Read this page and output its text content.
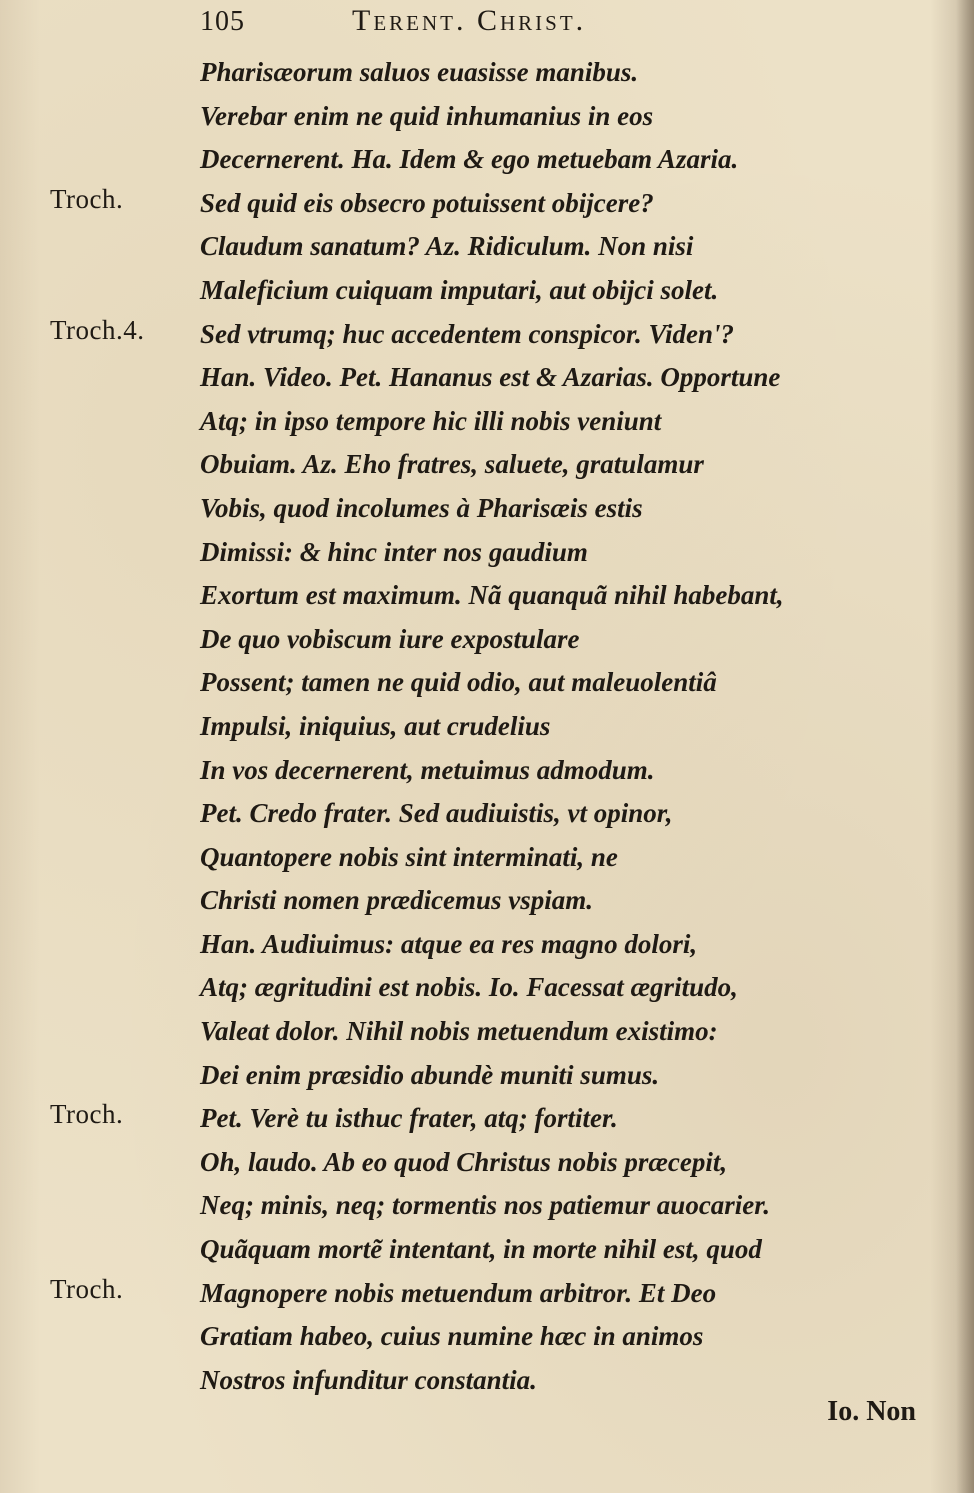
105	Terent. Christ.
Pharisæorum saluos euasisse manibus.
Verebar enim ne quid inhumanius in eos
Decernerent. Ha. Idem & ego metuebam Azaria.
Sed quid eis obsecro potuissent obijcere?
Claudum sanatum? Az. Ridiculum. Non nisi
Maleficium cuiquam imputari, aut obijci solet.
Sed vtrumq; huc accedentem conspicor. Viden'?
Han. Video. Pet. Hananus est & Azarias. Opportune
Atq; in ipso tempore hic illi nobis veniunt
Obuiam. Az. Eho fratres, saluete, gratulamur
Vobis, quod incolumes à Pharisæis estis
Dimissi: & hinc inter nos gaudium
Exortum est maximum. Nã quanquã nihil habebant,
De quo vobiscum iure expostulare
Possent; tamen ne quid odio, aut maleuolentiâ
Impulsi, iniquius, aut crudelius
In vos decernerent, metuimus admodum.
Pet. Credo frater. Sed audiuistis, vt opinor,
Quantopere nobis sint interminati, ne
Christi nomen prædicemus vspiam.
Han. Audiuimus: atque ea res magno dolori,
Atq; ægritudini est nobis. Io. Facessat ægritudo,
Valeat dolor. Nihil nobis metuendum existimo:
Dei enim præsidio abundè muniti sumus.
Pet. Verè tu isthuc frater, atq; fortiter.
Oh, laudo. Ab eo quod Christus nobis præcepit,
Neq; minis, neq; tormentis nos patiemur auocarier.
Quãquam mortẽ intentant, in morte nihil est, quod
Magnopere nobis metuendum arbitror. Et Deo
Gratiam habeo, cuius numine hæc in animos
Nostros infunditur constantia.
Troch.
Troch.4.
Troch.
Troch.
Io. Non
